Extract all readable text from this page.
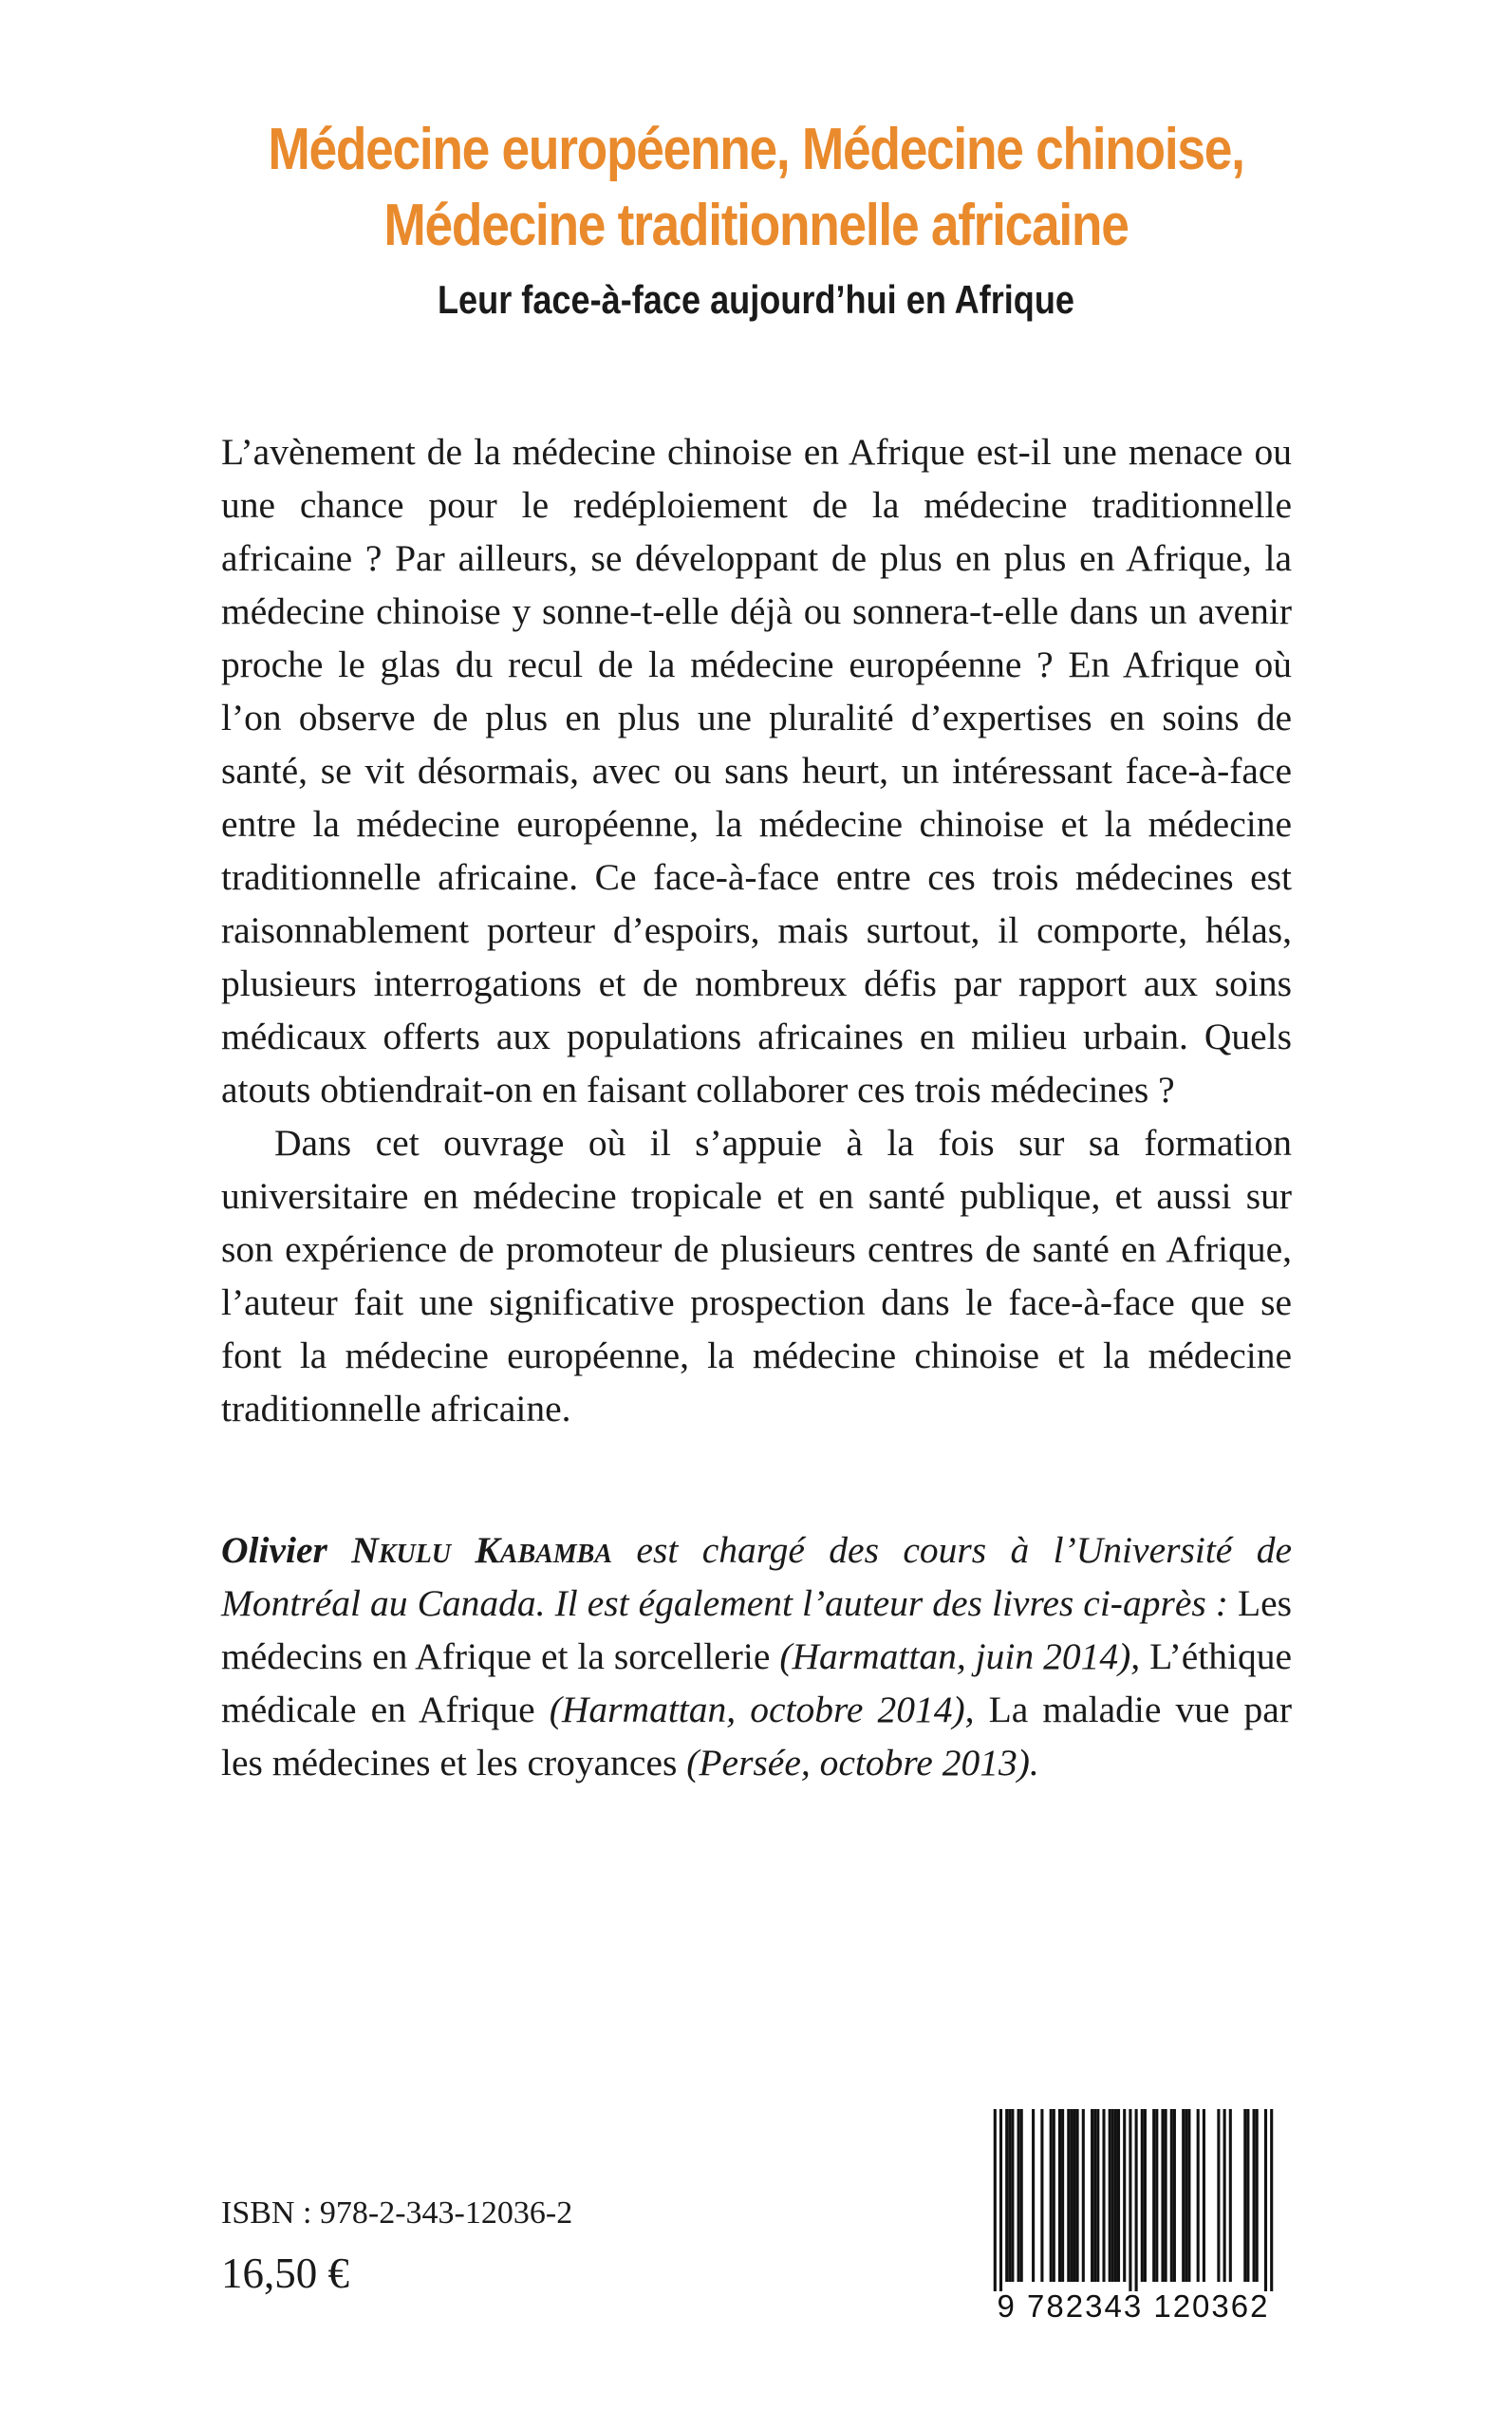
Médecine européenne, Médecine chinoise,
Médecine traditionnelle africaine
Leur face-à-face aujourd’hui en Afrique

L’avènement de la médecine chinoise en Afrique est-il une menace ou une chance pour le redéploiement de la médecine traditionnelle africaine ? Par ailleurs, se développant de plus en plus en Afrique, la médecine chinoise y sonne-t-elle déjà ou sonnera-t-elle dans un avenir proche le glas du recul de la médecine européenne ? En Afrique où l’on observe de plus en plus une pluralité d’expertises en soins de santé, se vit désormais, avec ou sans heurt, un intéressant face-à-face entre la médecine européenne, la médecine chinoise et la médecine traditionnelle africaine. Ce face-à-face entre ces trois médecines est raisonnablement porteur d’espoirs, mais surtout, il comporte, hélas, plusieurs interrogations et de nombreux défis par rapport aux soins médicaux offerts aux populations africaines en milieu urbain. Quels atouts obtiendrait-on en faisant collaborer ces trois médecines ?

Dans cet ouvrage où il s’appuie à la fois sur sa formation universitaire en médecine tropicale et en santé publique, et aussi sur son expérience de promoteur de plusieurs centres de santé en Afrique, l’auteur fait une significative prospection dans le face-à-face que se font la médecine européenne, la médecine chinoise et la médecine traditionnelle africaine.

Olivier Nkulu Kabamba est chargé des cours à l’Université de Montréal au Canada. Il est également l’auteur des livres ci-après : Les médecins en Afrique et la sorcellerie (Harmattan, juin 2014), L’éthique médicale en Afrique (Harmattan, octobre 2014), La maladie vue par les médecines et les croyances (Persée, octobre 2013).
ISBN : 978-2-343-12036-2
16,50 €
9 782343 120362
